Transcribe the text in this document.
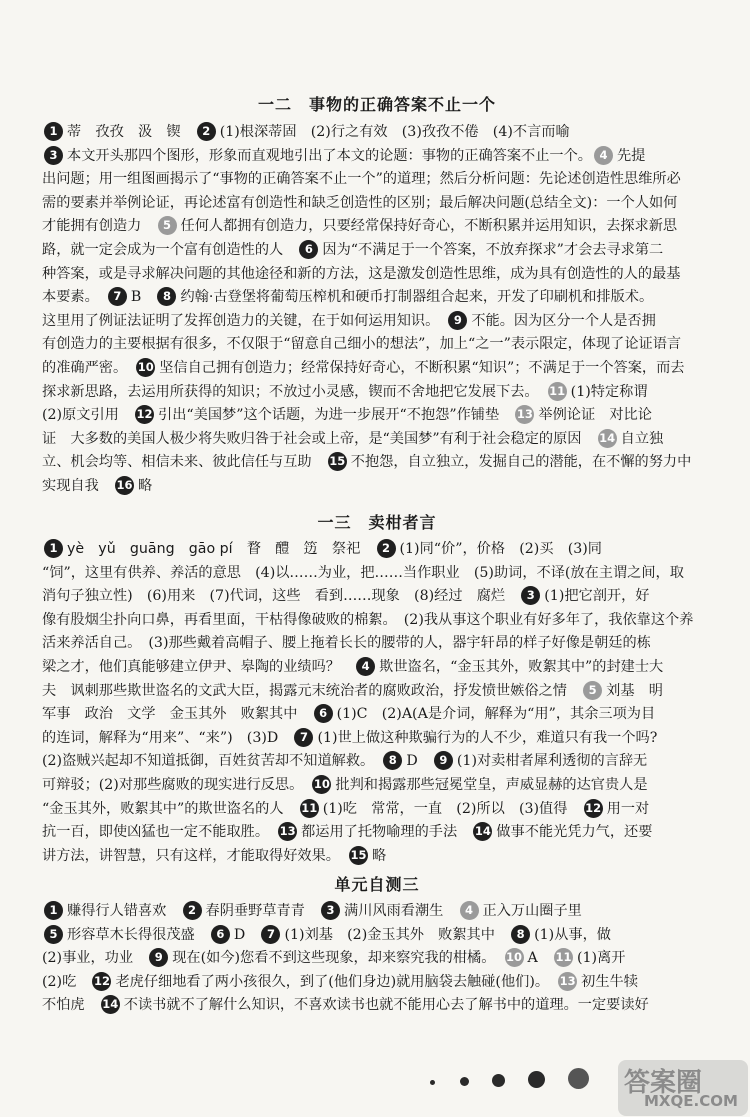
一二　事物的正确答案不止一个
1 蒂　孜孜　汲　锲　2 (1)根深蒂固　(2)行之有效　(3)孜孜不倦　(4)不言而喻
3 本文开头那四个图形，形象而直观地引出了本文的论题：事物的正确答案不止一个。 4 先提
出问题；用一组图画揭示了“事物的正确答案不止一个”的道理；然后分析问题：先论述创造性思维所必
需的要素并举例论证，再论述富有创造性和缺乏创造性的区别；最后解决问题(总结全文)：一个人如何
才能拥有创造力　5 任何人都拥有创造力，只要经常保持好奇心，不断积累并运用知识，去探求新思
路，就一定会成为一个富有创造性的人　6 因为“不满足于一个答案，不放弃探求”才会去寻求第二
种答案，或是寻求解决问题的其他途径和新的方法，这是激发创造性思维，成为具有创造性的人的最基
本要素。　7 B　8 约翰·古登堡将葡萄压榨机和硬币打制器组合起来，开发了印刷机和排版术。
这里用了例证法证明了发挥创造力的关键，在于如何运用知识。　9 不能。因为区分一个人是否拥
有创造力的主要根据有很多，不仅限于“留意自己细小的想法”，加上“之一”表示限定，体现了论证语言
的准确严密。　10 坚信自己拥有创造力；经常保持好奇心，不断积累“知识”；不满足于一个答案，而去
探求新思路，去运用所获得的知识；不放过小灵感，锲而不舍地把它发展下去。　11 (1)特定称谓
(2)原文引用　12 引出“美国梦”这个话题，为进一步展开“不抱怨”作铺垫　13 举例论证　对比论
证　大多数的美国人极少将失败归咎于社会或上帝，是“美国梦”有利于社会稳定的原因　14 自立独
立、机会均等、相信未来、彼此信任与互助　15 不抱怨，自立独立，发掘自己的潜能，在不懈的努力中
实现自我　16 略
一三　卖柑者言
1 yè　yǔ　guāng　gāo pí　瞀　醴　笾　祭祀　2 (1)同“价”，价格　(2)买　(3)同
“饲”，这里有供养、养活的意思　(4)以……为业，把……当作职业　(5)助词，不译(放在主谓之间，取
消句子独立性)　(6)用来　(7)代词，这些　看到……现象　(8)经过　腐烂　3 (1)把它剖开，好
像有股烟尘扑向口鼻，再看里面，干枯得像破败的棉絮。　(2)我从事这个职业有好多年了，我依靠这个养
活来养活自己。　(3)那些戴着高帽子、腰上拖着长长的腰带的人，器宇轩昂的样子好像是朝廷的栋
梁之才，他们真能够建立伊尹、皋陶的业绩吗？　4 欺世盗名，“金玉其外，败絮其中”的封建士大
夫　讽刺那些欺世盗名的文武大臣，揭露元末统治者的腐败政治，抒发愤世嫉俗之情　5 刘基　明
军事　政治　文学　金玉其外　败絮其中　6 (1)C　(2)A(A是介词，解释为“用”，其余三项为目
的连词，解释为“用来”、“来”)　(3)D　7 (1)世上做这种欺骗行为的人不少，难道只有我一个吗?
(2)盗贼兴起却不知道抵御，百姓贫苦却不知道解救。　8 D　9 (1)对卖柑者犀利透彻的言辞无
可辩驳；(2)对那些腐败的现实进行反思。　10 批判和揭露那些冠冕堂皇，声威显赫的达官贵人是
“金玉其外，败絮其中”的欺世盗名的人　11 (1)吃　常常，一直　(2)所以　(3)值得　12 用一对
抗一百，即使凶猛也一定不能取胜。　13 都运用了托物喻理的手法　14 做事不能光凭力气，还要
讲方法，讲智慧，只有这样，才能取得好效果。　15 略
单元自测三
1 赚得行人错喜欢　2 春阴垂野草青青　3 满川风雨看潮生　4 正入万山圈子里
5 形容草木长得很茂盛　6 D　7 (1)刘基　(2)金玉其外　败絮其中　8 (1)从事，做
(2)事业，功业　9 现在(如今)您看不到这些现象，却来察究我的柑橘。　10 A　11 (1)离开
(2)吃　12 老虎仔细地看了两小孩很久，到了(他们身边)就用脑袋去触碰(他们)。　13 初生牛犊
不怕虎　14 不读书就不了解什么知识，不喜欢读书也就不能用心去了解书中的道理。一定要读好
答案圈
MXQE.COM
